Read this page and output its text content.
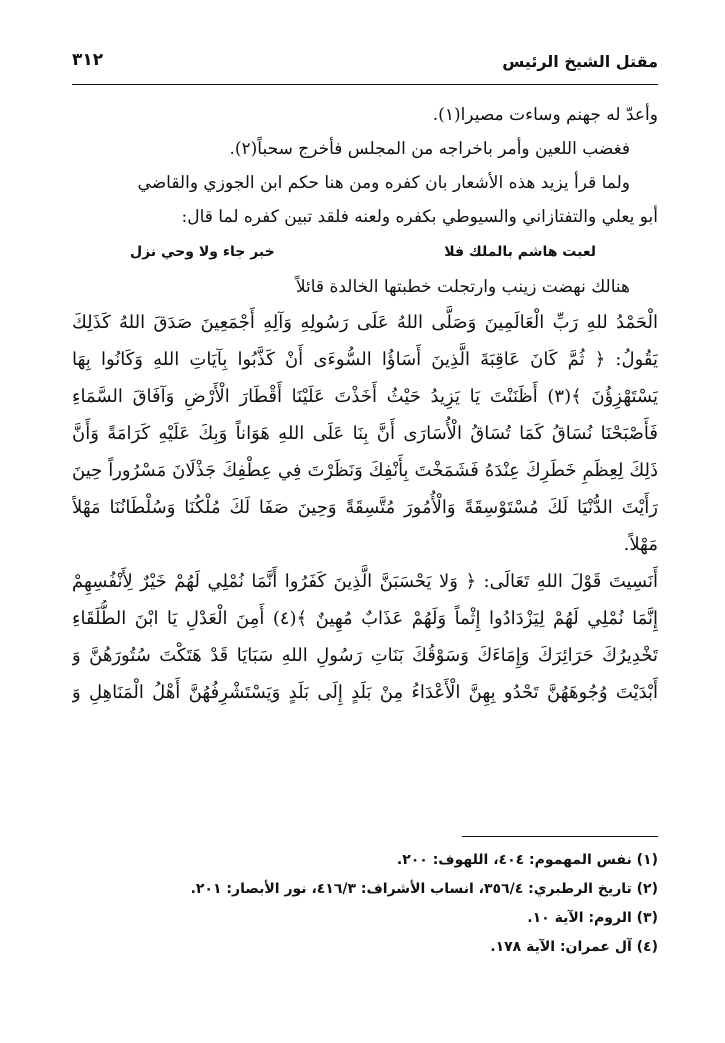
مقتل الشيخ الرئيس
٣١٢
وأعدّ له جهنم وساءت مصيرا(١).
فغضب اللعين وأمر باخراجه من المجلس فأخرج سحباً(٢).
ولما قرأ يزيد هذه الأشعار بان كفره ومن هنا حكم ابن الجوزي والقاضي
أبو يعلي والتفتازاني والسيوطي بكفره ولعنه فلقد تبين كفره لما قال:
لعبت هاشم بالملك فلا
خبر جاء ولا وحي نزل
هنالك نهضت زينب وارتجلت خطبتها الخالدة قائلاً
الْحَمْدُ للهِ رَبِّ الْعَالَمِينَ وَصَلَّى اللهُ عَلَى رَسُولِهِ وَآلِهِ أَجْمَعِينَ صَدَقَ اللهُ كَذَلِكَ
يَقُولُ: ﴿ ثُمَّ كَانَ عَاقِبَةَ الَّذِينَ أَسَاؤُا السُّوءَى أَنْ كَذَّبُوا بِآيَاتِ اللهِ وَكَانُوا بِهَا
يَسْتَهْزِؤُنَ ﴾(٣) أَظَنَنْتَ يَا يَزِيدُ حَيْثُ أَخَذْتَ عَلَيْنَا أَقْطَارَ الْأَرْضِ وَآفَاقَ السَّمَاءِ
فَأَصْبَحْنَا نُسَاقُ كَمَا تُسَاقُ الْأُسَارَى أَنَّ بِنَا عَلَى اللهِ هَوَاناً وَبِكَ عَلَيْهِ كَرَامَةً وَأَنَّ
ذَلِكَ لِعِظَمِ خَطَرِكَ عِنْدَهُ فَشَمَخْتَ بِأَنْفِكَ وَنَظَرْتَ فِي عِطْفِكَ جَذْلَانَ مَسْرُوراً حِينَ
رَأَيْتَ الدُّنْيَا لَكَ مُسْتَوْسِقَةً وَالْأُمُورَ مُتَّسِقَةً وَحِينَ صَفَا لَكَ مُلْكُنَا وَسُلْطَانُنَا مَهْلاً
مَهْلاً.
أَنَسِيتَ قَوْلَ اللهِ تَعَالَى: ﴿ وَلا يَحْسَبَنَّ الَّذِينَ كَفَرُوا أَنَّمَا نُمْلِي لَهُمْ خَيْرٌ لِأَنْفُسِهِمْ
إِنَّمَا نُمْلِي لَهُمْ لِيَزْدَادُوا إِثْماً وَلَهُمْ عَذَابٌ مُهِينٌ ﴾(٤) أَمِنَ الْعَدْلِ يَا ابْنَ الطُّلَقَاءِ
تَخْدِيرُكَ حَرَائِرَكَ وَإِمَاءَكَ وَسَوْقُكَ بَنَاتِ رَسُولِ اللهِ سَبَايَا قَدْ هَتَكْتَ سُتُورَهُنَّ وَ
أَبْدَيْتَ وُجُوهَهُنَّ تَحْدُو بِهِنَّ الْأَعْدَاءُ مِنْ بَلَدٍ إِلَى بَلَدٍ وَيَسْتَشْرِفُهُنَّ أَهْلُ الْمَنَاهِلِ وَ
(١) نفس المهموم: ٤٠٤، اللهوف: ٢٠٠.
(٢) تاريخ الرطبري: ٣٥٦/٤، انساب الأشراف: ٤١٦/٣، نور الأبصار: ٢٠١.
(٣) الروم: الآية ١٠.
(٤) آل عمران: الآية ١٧٨.
